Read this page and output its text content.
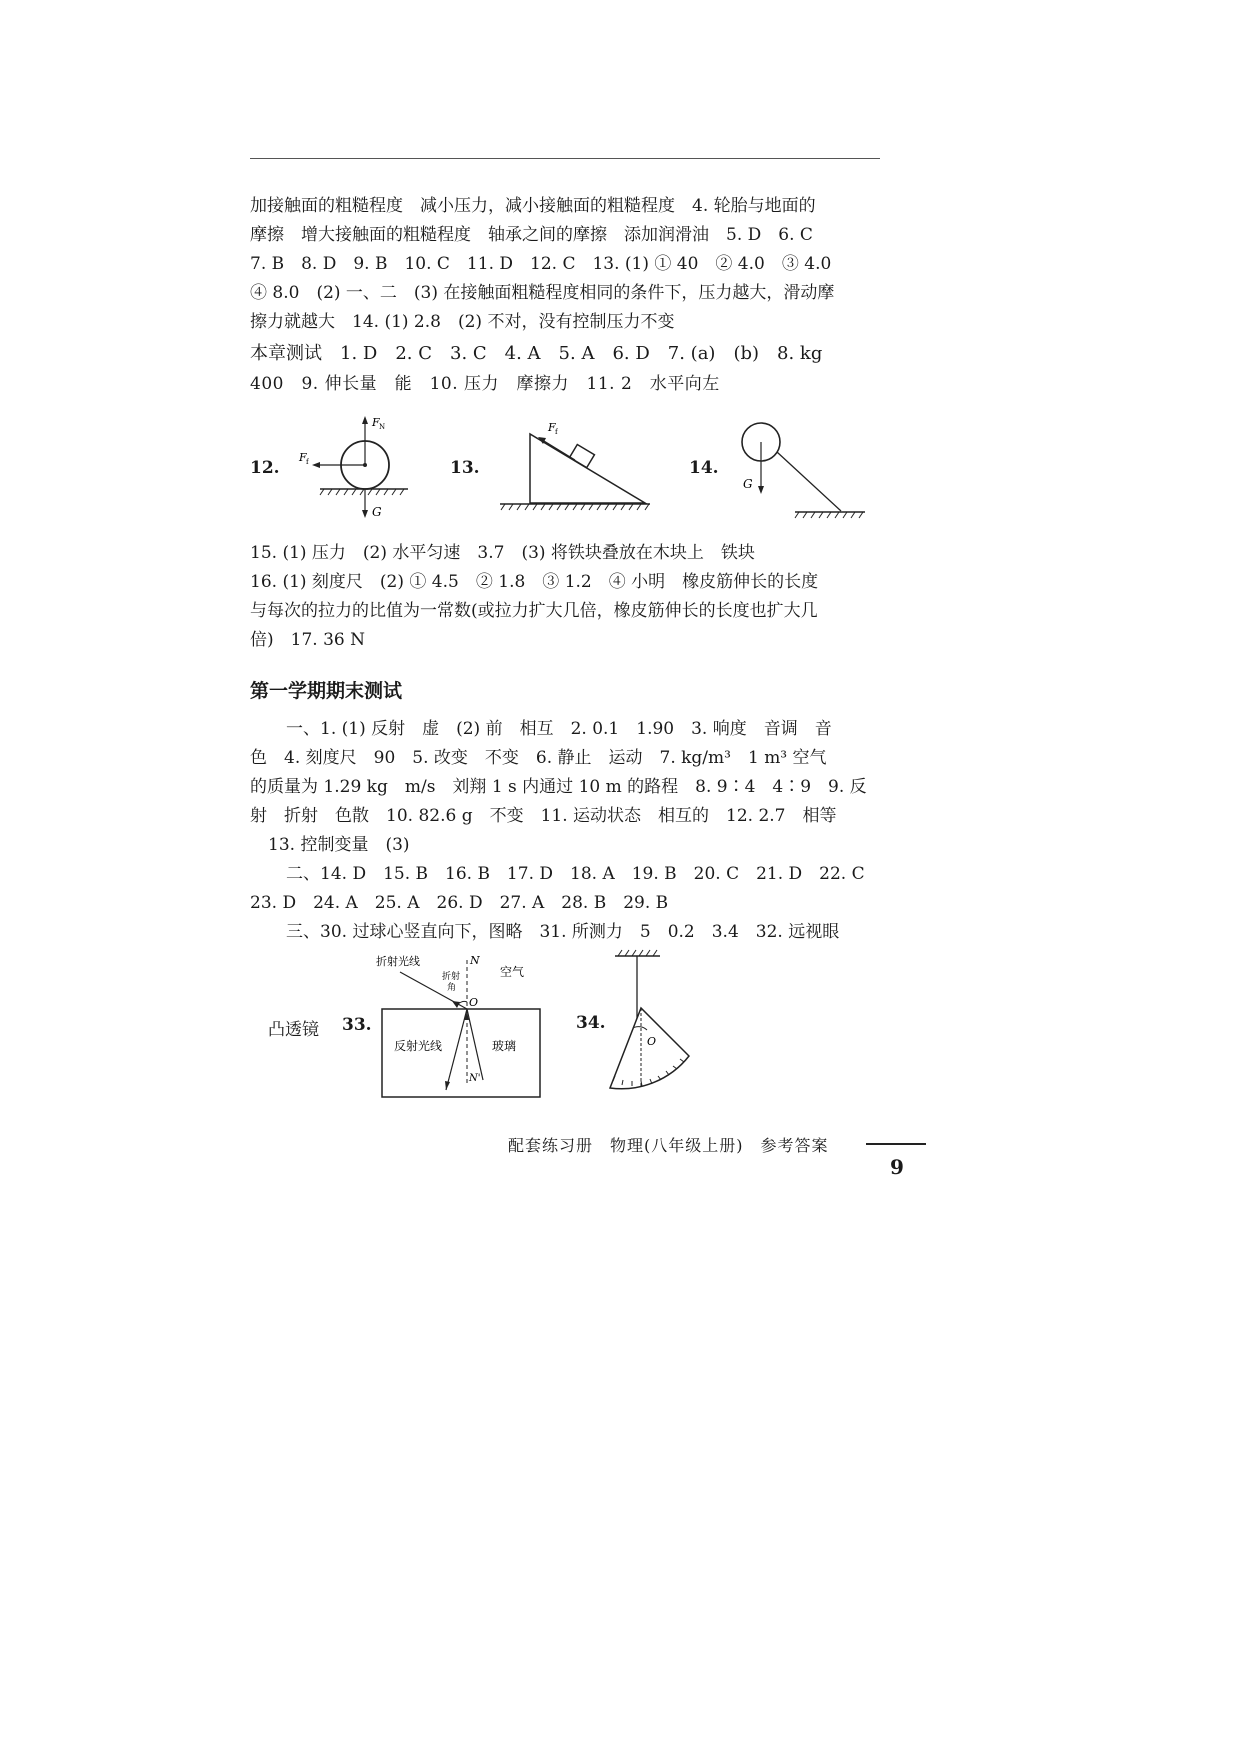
加接触面的粗糙程度　减小压力，减小接触面的粗糙程度　4. 轮胎与地面的
摩擦　增大接触面的粗糙程度　轴承之间的摩擦　添加润滑油　5. D　6. C
7. B　8. D　9. B　10. C　11. D　12. C　13. (1) ① 40　② 4.0　③ 4.0
④ 8.0　(2) 一、二　(3) 在接触面粗糙程度相同的条件下，压力越大，滑动摩
擦力就越大　14. (1) 2.8　(2) 不对，没有控制压力不变
本章测试　1. D　2. C　3. C　4. A　5. A　6. D　7. (a)　(b)　8. kg
400　9. 伸长量　能　10. 压力　摩擦力　11. 2　水平向左
12.
F N
F f
G
13.
F f
14.
G
15. (1) 压力　(2) 水平匀速　3.7　(3) 将铁块叠放在木块上　铁块
16. (1) 刻度尺　(2) ① 4.5　② 1.8　③ 1.2　④ 小明　橡皮筋伸长的长度
与每次的拉力的比值为一常数(或拉力扩大几倍，橡皮筋伸长的长度也扩大几
倍)　17. 36 N
第一学期期末测试
一、1. (1) 反射　虚　(2) 前　相互　2. 0.1　1.90　3. 响度　音调　音
色　4. 刻度尺　90　5. 改变　不变　6. 静止　运动　7. kg/m³　1 m³ 空气
的质量为 1.29 kg　m/s　刘翔 1 s 内通过 10 m 的路程　8. 9∶4　4∶9　9. 反
射　折射　色散　10. 82.6 g　不变　11. 运动状态　相互的　12. 2.7　相等
13. 控制变量　(3)
二、14. D　15. B　16. B　17. D　18. A　19. B　20. C　21. D　22. C
23. D　24. A　25. A　26. D　27. A　28. B　29. B
三、30. 过球心竖直向下，图略　31. 所测力　5　0.2　3.4　32. 远视眼
凸透镜 33.
折射光线
折射
角
N
空气
O
反射光线	玻璃
N'
34.
O
配套练习册　物理(八年级上册)　参考答案
9
